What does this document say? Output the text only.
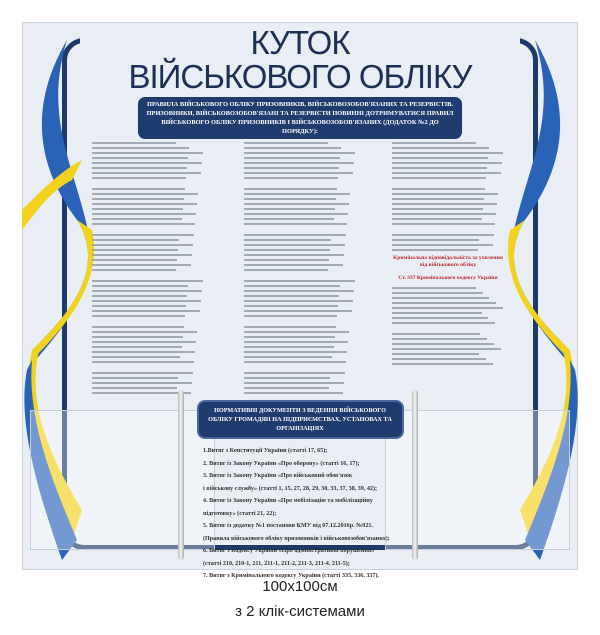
КУТОК
ВІЙСЬКОВОГО ОБЛІКУ
ПРАВИЛА ВІЙСЬКОВОГО ОБЛІКУ ПРИЗОВНИКІВ, ВІЙСЬКОВОЗОБОВ'ЯЗАНИХ ТА РЕЗЕРВІСТІВ. ПРИЗОВНИКИ, ВІЙСЬКОВОЗОБОВ'ЯЗАНІ ТА РЕЗЕРВІСТИ ПОВИННІ ДОТРИМУВАТИСЯ ПРАВИЛ ВІЙСЬКОВОГО ОБЛІКУ ПРИЗОВНИКІВ І ВІЙСЬКОВОЗОБОВ'ЯЗАНИХ (ДОДАТОК №2 ДО ПОРЯДКУ):
Кримінальна відповідальність за ухилення від військового обліку
Ст. 337 Кримінального кодексу України
НОРМАТИВНІ ДОКУМЕНТИ З ВЕДЕННЯ ВІЙСЬКОВОГО ОБЛІКУ ГРОМАДЯН НА ПІДПРИЄМСТВАХ, УСТАНОВАХ ТА ОРГАНІЗАЦІЯХ
1.Витяг з Конституції України (статті 17, 65);
2. Витяг із Закону України «Про оборону» (статті 16, 17);
3. Витяг із Закону України «Про військовий обов'язок
і військову службу» (статті 1, 15, 27, 28, 29, 30, 33, 37, 38, 39, 42);
4. Витяг із Закону України «Про мобілізацію та мобілізаційну
підготовку» (статті 21, 22);
5. Витяг із додатку №1 постанови КМУ від 07.12.2016р. №921.
(Правила військового обліку призовників і військовозобов'язаних);
6. Витяг з Кодексу України «Про адміністративні порушення»
(статті 210, 210-1, 211, 211-1, 211-2, 211-3, 211-4, 211-5);
7. Витяг з Кримінального кодексу України (статті 335, 336, 337).
100х100см
з 2 клік-системами
